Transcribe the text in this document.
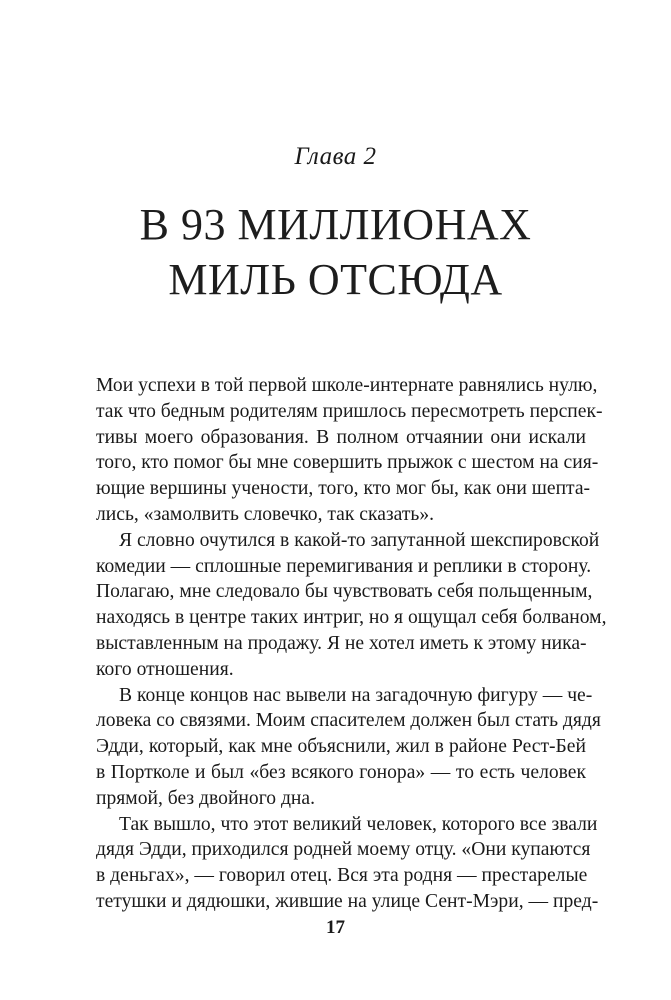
Глава 2
В 93 МИЛЛИОНАХ
МИЛЬ ОТСЮДА
Мои успехи в той первой школе-интернате равнялись нулю,
так что бедным родителям пришлось пересмотреть перспек-
тивы моего образования. В полном отчаянии они искали
того, кто помог бы мне совершить прыжок с шестом на сия-
ющие вершины учености, того, кто мог бы, как они шепта-
лись, «замолвить словечко, так сказать».
Я словно очутился в какой-то запутанной шекспировской
комедии — сплошные перемигивания и реплики в сторону.
Полагаю, мне следовало бы чувствовать себя польщенным,
находясь в центре таких интриг, но я ощущал себя болваном,
выставленным на продажу. Я не хотел иметь к этому ника-
кого отношения.
В конце концов нас вывели на загадочную фигуру — че-
ловека со связями. Моим спасителем должен был стать дядя
Эдди, который, как мне объяснили, жил в районе Рест-Бей
в Портколе и был «без всякого гонора» — то есть человек
прямой, без двойного дна.
Так вышло, что этот великий человек, которого все звали
дядя Эдди, приходился родней моему отцу. «Они купаются
в деньгах», — говорил отец. Вся эта родня — престарелые
тетушки и дядюшки, жившие на улице Сент-Мэри, — пред-
17
